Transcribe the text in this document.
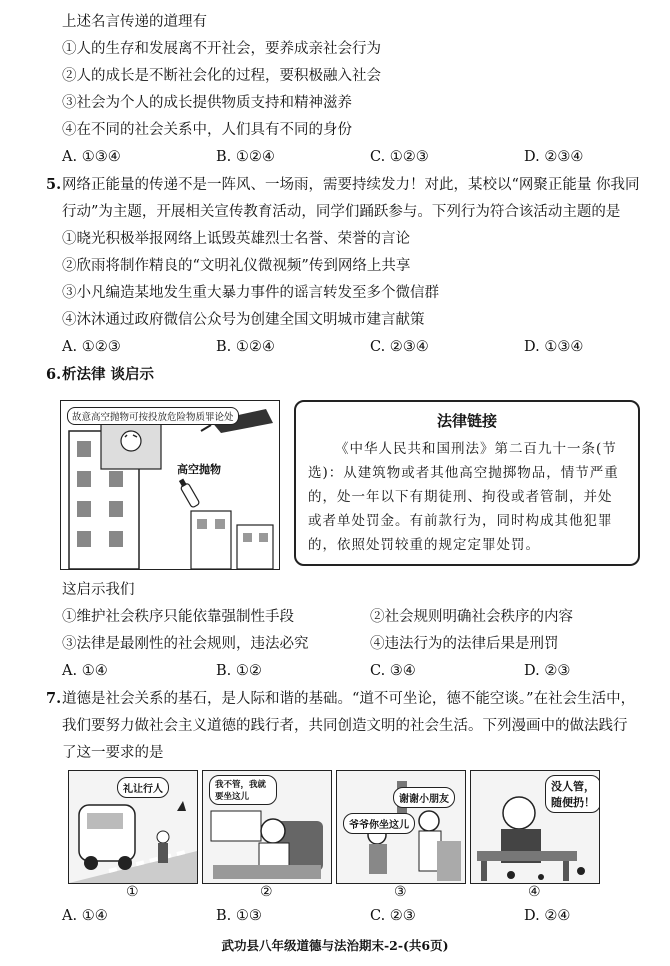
上述名言传递的道理有
①人的生存和发展离不开社会，要养成亲社会行为
②人的成长是不断社会化的过程，要积极融入社会
③社会为个人的成长提供物质支持和精神滋养
④在不同的社会关系中，人们具有不同的身份
A. ①③④	B. ①②④	C. ①②③	D. ②③④
5. 网络正能量的传递不是一阵风、一场雨，需要持续发力！对此，某校以“网聚正能量 你我同
行动”为主题，开展相关宣传教育活动，同学们踊跃参与。下列行为符合该活动主题的是
①晓光积极举报网络上诋毁英雄烈士名誉、荣誉的言论
②欣雨将制作精良的“文明礼仪微视频”传到网络上共享
③小凡编造某地发生重大暴力事件的谣言转发至多个微信群
④沐沐通过政府微信公众号为创建全国文明城市建言献策
A. ①②③	B. ①②④	C. ②③④	D. ①③④
6. 析法律 谈启示
故意高空抛物可按投放危险物质罪论处
高空抛物
法律链接
《中华人民共和国刑法》第二百九十一条(节选)：从建筑物或者其他高空抛掷物品，情节严重的，处一年以下有期徒刑、拘役或者管制，并处或者单处罚金。有前款行为，同时构成其他犯罪的，依照处罚较重的规定定罪处罚。
这启示我们
①维护社会秩序只能依靠强制性手段	②社会规则明确社会秩序的内容
③法律是最刚性的社会规则，违法必究	④违法行为的法律后果是刑罚
A. ①④	B. ①②	C. ③④	D. ②③
7. 道德是社会关系的基石，是人际和谐的基础。“道不可坐论，德不能空谈。”在社会生活中，
我们要努力做社会主义道德的践行者，共同创造文明的社会生活。下列漫画中的做法践行
了这一要求的是
礼让行人	我不管，我就要坐这儿	谢谢小朋友
爷爷你坐这儿
没人管，随便扔！
①	②	③	④
A. ①④	B. ①③	C. ②③	D. ②④
武功县八年级道德与法治期末-2-(共6页)
